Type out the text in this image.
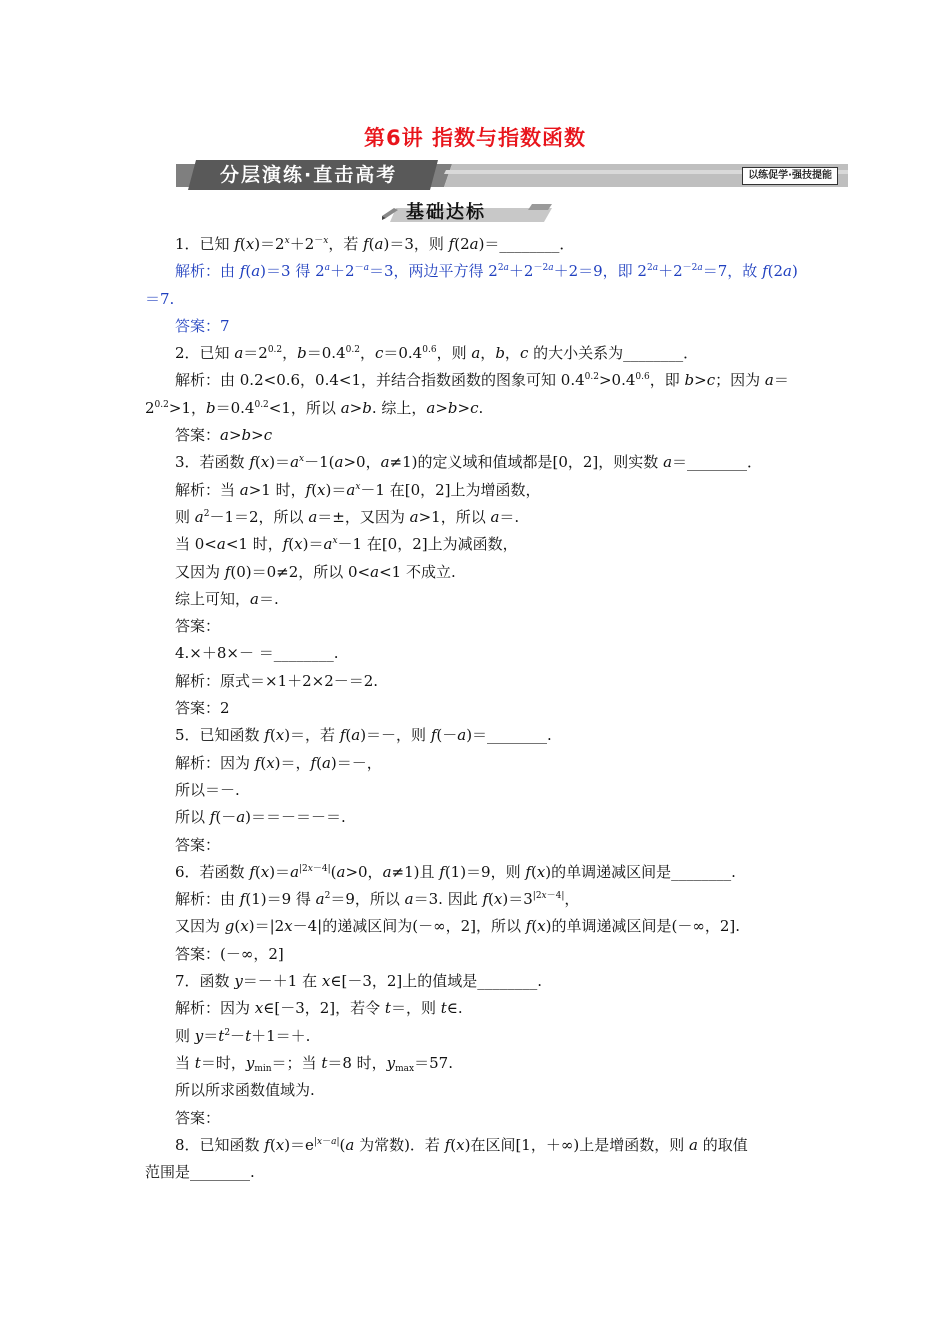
第6讲 指数与指数函数
分层演练·直击高考	以练促学·强技提能
基础达标
1．已知 $f(x)=2^x+2^{-x}$，若 f(a)＝3，则 f(2a)＝________．
解析：由 f(a)＝3 得 $2^a+2^{-a}=3$，两边平方得 $2^{2a}+2^{-2a}+2=9$，即 $2^{2a}+2^{-2a}=7$，故 f(2a)
＝7.
答案：7
2．已知 $a=2^{0.2}$，$b=0.4^{0.2}$，$c=0.4^{0.6}$，则 a，b，c 的大小关系为________．
解析：由 0.2<0.6，0.4<1，并结合指数函数的图象可知 $0.4^{0.2}>0.4^{0.6}$，即 b>c；因为 a＝
$2^{0.2}>1$，$b=0.4^{0.2}<1$，所以 a>b. 综上，a>b>c.
答案：a>b>c
3．若函数 $f(x)=a^x-1(a>0$，a≠1)的定义域和值域都是[0，2]，则实数 a＝________．
解析：当 a>1 时，$f(x)=a^x-1$ 在[0，2]上为增函数，
则 $a^2-1=2$，所以 a＝±，又因为 a>1，所以 a＝.
当 0<a<1 时，$f(x)=a^x-1$ 在[0，2]上为减函数，
又因为 f(0)＝0≠2，所以 0<a<1 不成立.
综上可知，a＝.
答案：
4.×＋8×－ ＝________.
解析：原式＝×1＋2×2－＝2.
答案：2
5．已知函数 f(x)＝，若 f(a)＝－，则 f(－a)＝________.
解析：因为 f(x)＝，f(a)＝－，
所以＝－.
所以 f(－a)＝＝－＝－＝.
答案：
6．若函数 $f(x)=a^{|2x-4|}(a>0$，a≠1)且 f(1)＝9，则 f(x)的单调递减区间是________.
解析：由 f(1)＝9 得 $a^2=9$，所以 a＝3. 因此 $f(x)=3^{|2x-4|}$，
又因为 g(x)＝|2x－4|的递减区间为(－∞，2]，所以 f(x)的单调递减区间是(－∞，2].
答案：(－∞，2]
7．函数 y＝－＋1 在 x∈[－3，2]上的值域是________.
解析：因为 x∈[－3，2]，若令 t＝，则 t∈.
则 $y=t^2-t+1=+$.
当 t＝时，$y_{min}=$；当 t＝8 时，$y_{max}=57$.
所以所求函数值域为.
答案：
8．已知函数 $f(x)=e^{|x-a|}(a$ 为常数)．若 f(x)在区间[1，＋∞)上是增函数，则 a 的取值
范围是________.
